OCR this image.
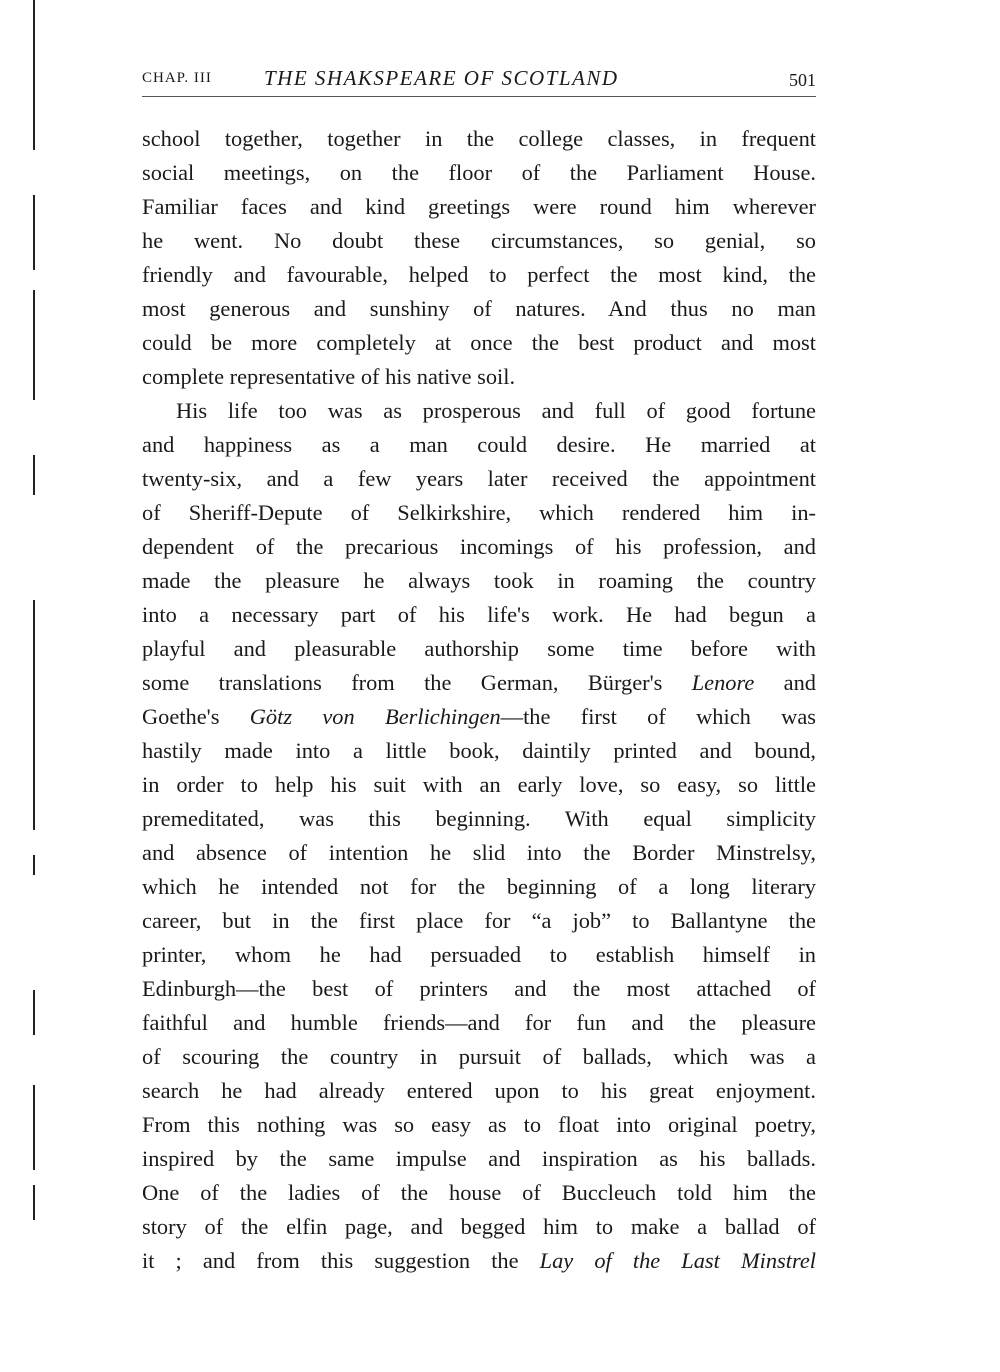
CHAP. III THE SHAKSPEARE OF SCOTLAND	501
school together, together in the college classes, in frequent
social meetings, on the floor of the Parliament House.
Familiar faces and kind greetings were round him wherever
he went. No doubt these circumstances, so genial, so
friendly and favourable, helped to perfect the most kind, the
most generous and sunshiny of natures. And thus no man
could be more completely at once the best product and most
complete representative of his native soil.
His life too was as prosperous and full of good fortune
and happiness as a man could desire. He married at
twenty-six, and a few years later received the appointment
of Sheriff-Depute of Selkirkshire, which rendered him in-
dependent of the precarious incomings of his profession, and
made the pleasure he always took in roaming the country
into a necessary part of his life's work. He had begun a
playful and pleasurable authorship some time before with
some translations from the German, Bürger's Lenore and
Goethe's Götz von Berlichingen—the first of which was
hastily made into a little book, daintily printed and bound,
in order to help his suit with an early love, so easy, so little
premeditated, was this beginning. With equal simplicity
and absence of intention he slid into the Border Minstrelsy,
which he intended not for the beginning of a long literary
career, but in the first place for “a job” to Ballantyne the
printer, whom he had persuaded to establish himself in
Edinburgh—the best of printers and the most attached of
faithful and humble friends—and for fun and the pleasure
of scouring the country in pursuit of ballads, which was a
search he had already entered upon to his great enjoyment.
From this nothing was so easy as to float into original poetry,
inspired by the same impulse and inspiration as his ballads.
One of the ladies of the house of Buccleuch told him the
story of the elfin page, and begged him to make a ballad of
it ; and from this suggestion the Lay of the Last Minstrel
